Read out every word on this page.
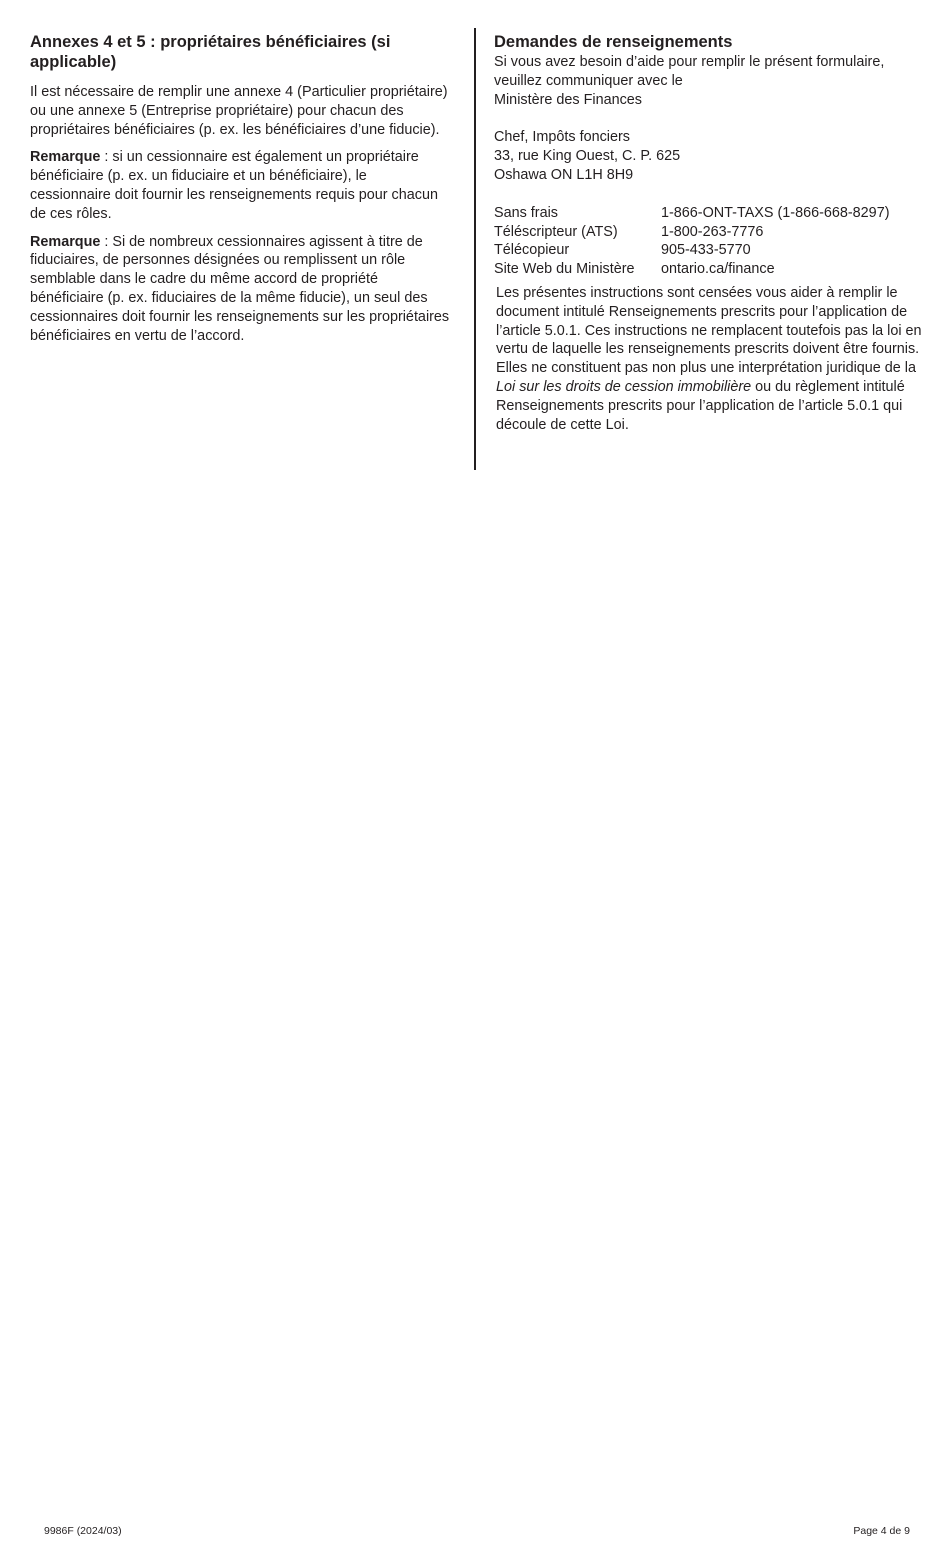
Annexes 4 et 5 : propriétaires bénéficiaires (si applicable)

Il est nécessaire de remplir une annexe 4 (Particulier propriétaire) ou une annexe 5 (Entreprise propriétaire) pour chacun des propriétaires bénéficiaires (p. ex. les bénéficiaires d’une fiducie).

Remarque : si un cessionnaire est également un propriétaire bénéficiaire (p. ex. un fiduciaire et un bénéficiaire), le cessionnaire doit fournir les renseignements requis pour chacun de ces rôles.

Remarque : Si de nombreux cessionnaires agissent à titre de fiduciaires, de personnes désignées ou remplissent un rôle semblable dans le cadre du même accord de propriété bénéficiaire (p. ex. fiduciaires de la même fiducie), un seul des cessionnaires doit fournir les renseignements sur les propriétaires bénéficiaires en vertu de l’accord.

Demandes de renseignements

Si vous avez besoin d’aide pour remplir le présent formulaire,
veuillez communiquer avec le
Ministère des Finances

Chef, Impôts fonciers
33, rue King Ouest, C. P. 625
Oshawa ON L1H 8H9

Sans frais	1-866-ONT-TAXS (1-866-668-8297)
Téléscripteur (ATS)	1-800-263-7776
Télécopieur	905-433-5770
Site Web du Ministère	ontario.ca/finance

Les présentes instructions sont censées vous aider à remplir le document intitulé Renseignements prescrits pour l’application de l’article 5.0.1. Ces instructions ne remplacent toutefois pas la loi en vertu de laquelle les renseignements prescrits doivent être fournis. Elles ne constituent pas non plus une interprétation juridique de la Loi sur les droits de cession immobilière ou du règlement intitulé Renseignements prescrits pour l’application de l’article 5.0.1 qui découle de cette Loi.

9986F (2024/03)	Page 4 de 9
